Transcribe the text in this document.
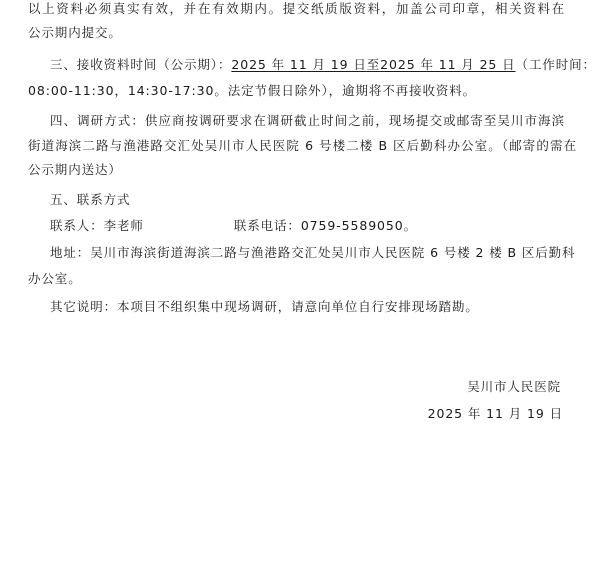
以上资料必须真实有效，并在有效期内。提交纸质版资料，加盖公司印章，相关资料在
公示期内提交。
三、接收资料时间（公示期）：2025 年 11 月 19 日至2025 年 11 月 25 日（工作时间：
08:00-11:30，14:30-17:30。法定节假日除外），逾期将不再接收资料。
四、调研方式：供应商按调研要求在调研截止时间之前，现场提交或邮寄至吴川市海滨
街道海滨二路与渔港路交汇处吴川市人民医院 6 号楼二楼 B 区后勤科办公室。（邮寄的需在
公示期内送达）
五、联系方式
联系人：李老师	联系电话：0759-5589050。
地址：吴川市海滨街道海滨二路与渔港路交汇处吴川市人民医院 6 号楼 2 楼 B 区后勤科
办公室。
其它说明：本项目不组织集中现场调研，请意向单位自行安排现场踏勘。
吴川市人民医院
2025 年 11 月 19 日
